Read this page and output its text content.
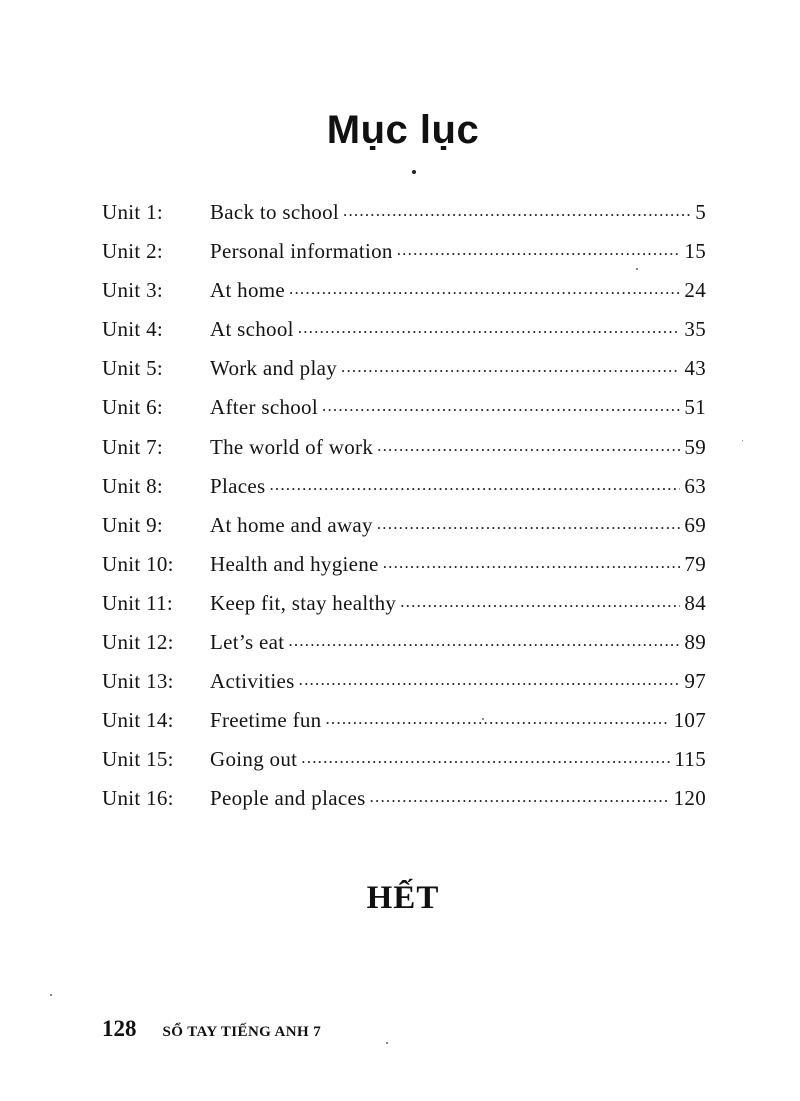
Mục lục
Unit 1:	Back to school .....	5
Unit 2:	Personal information .....	15
Unit 3:	At home .....	24
Unit 4:	At school .....	35
Unit 5:	Work and play .....	43
Unit 6:	After school .....	51
Unit 7:	The world of work .....	59
Unit 8:	Places .....	63
Unit 9:	At home and away .....	69
Unit 10:	Health and hygiene .....	79
Unit 11:	Keep fit, stay healthy .....	84
Unit 12:	Let’s eat .....	89
Unit 13:	Activities .....	97
Unit 14:	Freetime fun .....	107
Unit 15:	Going out .....	115
Unit 16:	People and places .....	120
HẾT
128 SỔ TAY TIẾNG ANH 7
